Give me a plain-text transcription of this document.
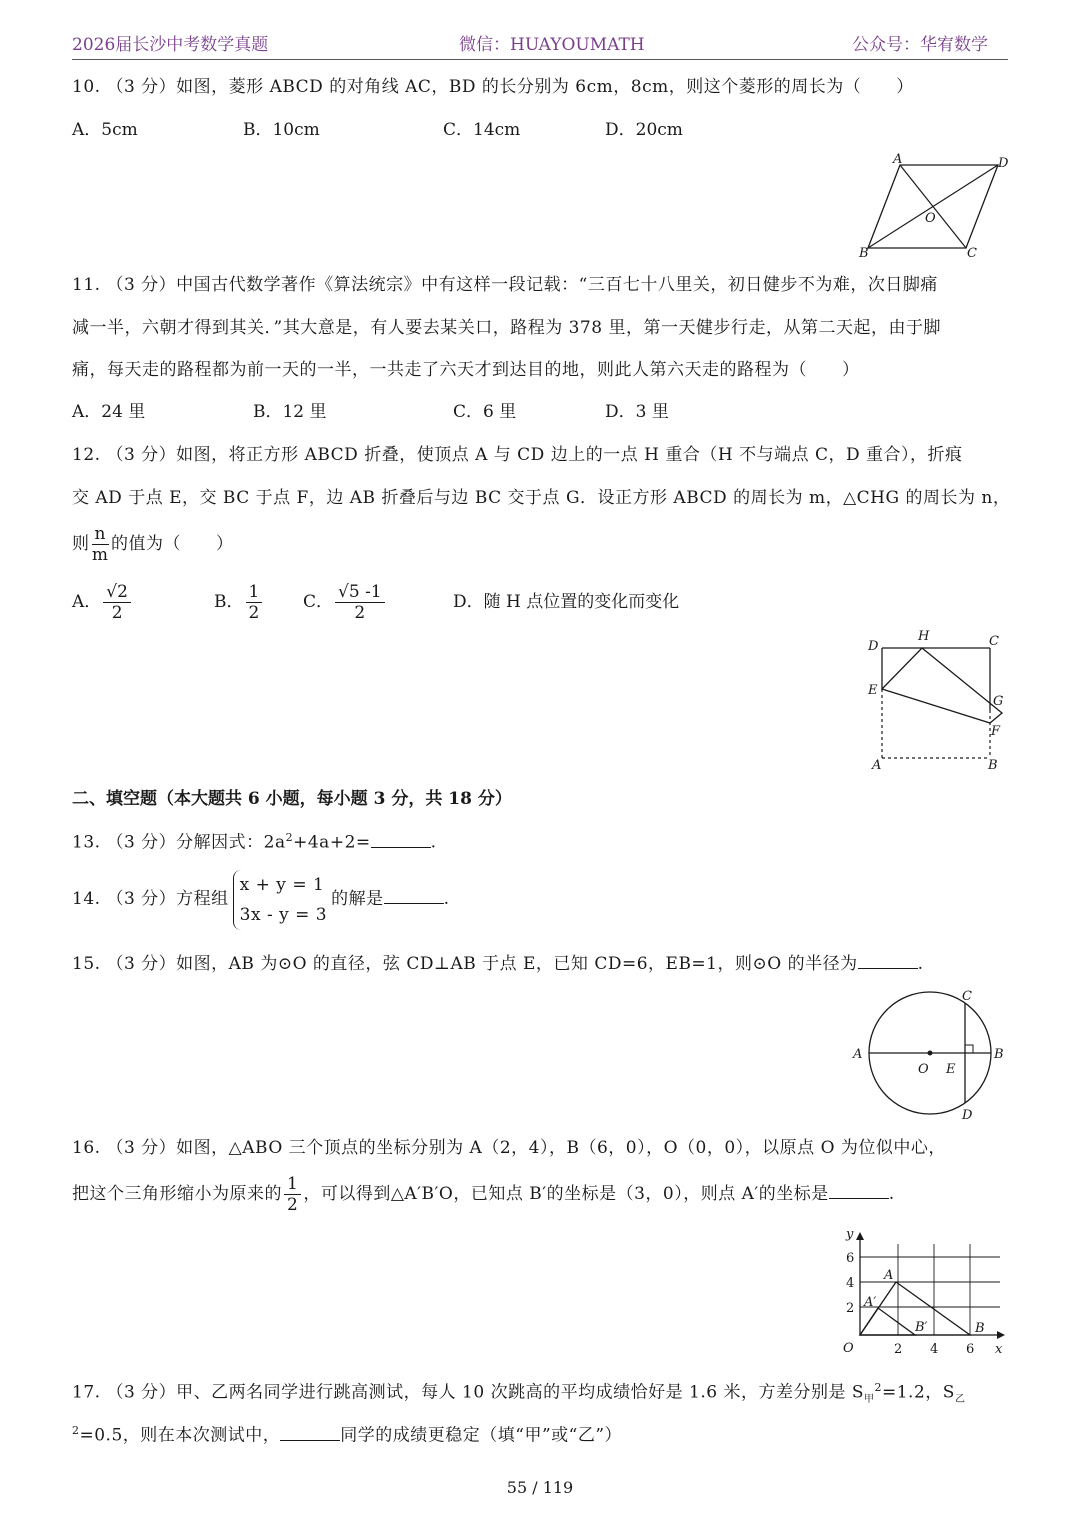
2026届长沙中考数学真题	微信：HUAYOUMATH	公众号：华宥数学
10. （3 分）如图，菱形 ABCD 的对角线 AC，BD 的长分别为 6cm，8cm，则这个菱形的周长为（　　）
A．5cm	B．10cm	C．14cm	D．20cm
A	D
O
B	C
11. （3 分）中国古代数学著作《算法统宗》中有这样一段记载：“三百七十八里关，初日健步不为难，次日脚痛
减一半，六朝才得到其关．”其大意是，有人要去某关口，路程为 378 里，第一天健步行走，从第二天起，由于脚
痛，每天走的路程都为前一天的一半，一共走了六天才到达目的地，则此人第六天走的路程为（　　）
A．24 里	B．12 里	C．6 里	D．3 里
12. （3 分）如图，将正方形 ABCD 折叠，使顶点 A 与 CD 边上的一点 H 重合（H 不与端点 C，D 重合），折痕
交 AD 于点 E，交 BC 于点 F，边 AB 折叠后与边 BC 交于点 G．设正方形 ABCD 的周长为 m，△CHG 的周长为 n，
则 $\frac{n}{m}$ 的值为（　　）
A． $\frac{√2}{2}$	B． $\frac{1}{2}$ C． $\frac{√5 -1}{2}$	D．随 H 点位置的变化而变化
D
H	C
E
G
F
A	B
二、填空题（本大题共 6 小题，每小题 3 分，共 18 分）
13. （3 分）分解因式：$2a^2+4a+2=$	.
14. （3 分）方程组
x + y = 1
3x - y = 3
的解是	.
15. （3 分）如图，AB 为⊙O 的直径，弦 CD⊥AB 于点 E，已知 CD=6，EB=1，则⊙O 的半径为	.
A
O E
B
C
D
16. （3 分）如图，△ABO 三个顶点的坐标分别为 A（2，4），B（6，0），O（0，0），以原点 O 为位似中心，
把这个三角形缩小为原来的 $\frac{1}{2}$ ，可以得到△A′B′O，已知点 B′的坐标是（3，0），则点 A′的坐标是	.
y
6
4
2
O	2 4 6 x
A
A′
B′	B
17. （3 分）甲、乙两名同学进行跳高测试，每人 10 次跳高的平均成绩恰好是 1.6 米，方差分别是 $S_甲^2=1.2$，$S_乙$
$^2$=0.5，则在本次测试中，	同学的成绩更稳定（填“甲”或“乙”）
55 / 119
